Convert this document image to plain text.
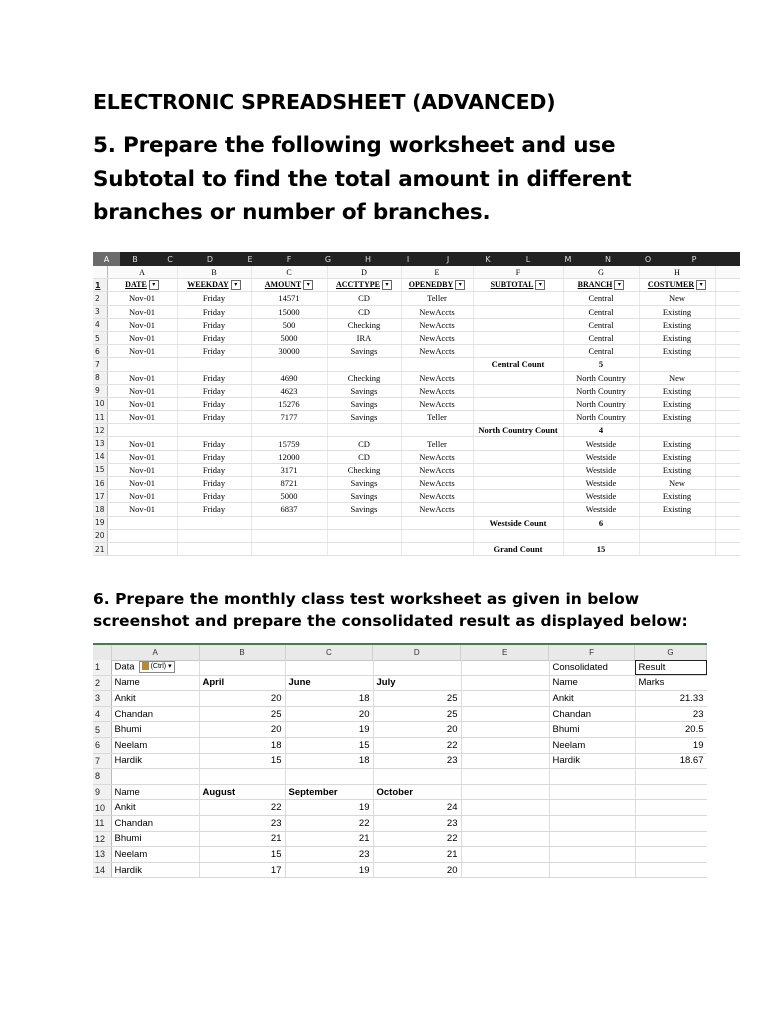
ELECTRONIC SPREADSHEET (ADVANCED)
5. Prepare the following worksheet and use Subtotal to find the total amount in different branches or number of branches.
A	B	C	D	E	F	G	H	I	J	K	L	M	N	O	P
	A	B	C	D	E	F	G	H	
1	DATE ▾	WEEKDAY ▾	AMOUNT ▾	ACCTTYPE ▾	OPENEDBY ▾	SUBTOTAL ▾	BRANCH ▾	COSTUMER ▾	
2	Nov-01	Friday	14571	CD	Teller		Central	New	
3	Nov-01	Friday	15000	CD	NewAccts		Central	Existing	
4	Nov-01	Friday	500	Checking	NewAccts		Central	Existing	
5	Nov-01	Friday	5000	IRA	NewAccts		Central	Existing	
6	Nov-01	Friday	30000	Savings	NewAccts		Central	Existing	
7						Central Count	5		
8	Nov-01	Friday	4690	Checking	NewAccts		North Country	New	
9	Nov-01	Friday	4623	Savings	NewAccts		North Country	Existing	
10	Nov-01	Friday	15276	Savings	NewAccts		North Country	Existing	
11	Nov-01	Friday	7177	Savings	Teller		North Country	Existing	
12						North Country Count	4		
13	Nov-01	Friday	15759	CD	Teller		Westside	Existing	
14	Nov-01	Friday	12000	CD	NewAccts		Westside	Existing	
15	Nov-01	Friday	3171	Checking	NewAccts		Westside	Existing	
16	Nov-01	Friday	8721	Savings	NewAccts		Westside	New	
17	Nov-01	Friday	5000	Savings	NewAccts		Westside	Existing	
18	Nov-01	Friday	6837	Savings	NewAccts		Westside	Existing	
19						Westside Count	6		
20									
21						Grand Count	15		
6. Prepare the monthly class test worksheet as given in below screenshot and prepare the consolidated result as displayed below:
A	B	C	D	E	F	G
1	Data (Ctrl) ▾					Consolidated	Result	
2	Name	April	June	July		Name	Marks	
3	Ankit	20	18	25		Ankit	21.33	
4	Chandan	25	20	25		Chandan	23	
5	Bhumi	20	19	20		Bhumi	20.5	
6	Neelam	18	15	22		Neelam	19	
7	Hardik	15	18	23		Hardik	18.67	
8								
9	Name	August	September	October				
10	Ankit	22	19	24				
11	Chandan	23	22	23				
12	Bhumi	21	21	22				
13	Neelam	15	23	21				
14	Hardik	17	19	20				
